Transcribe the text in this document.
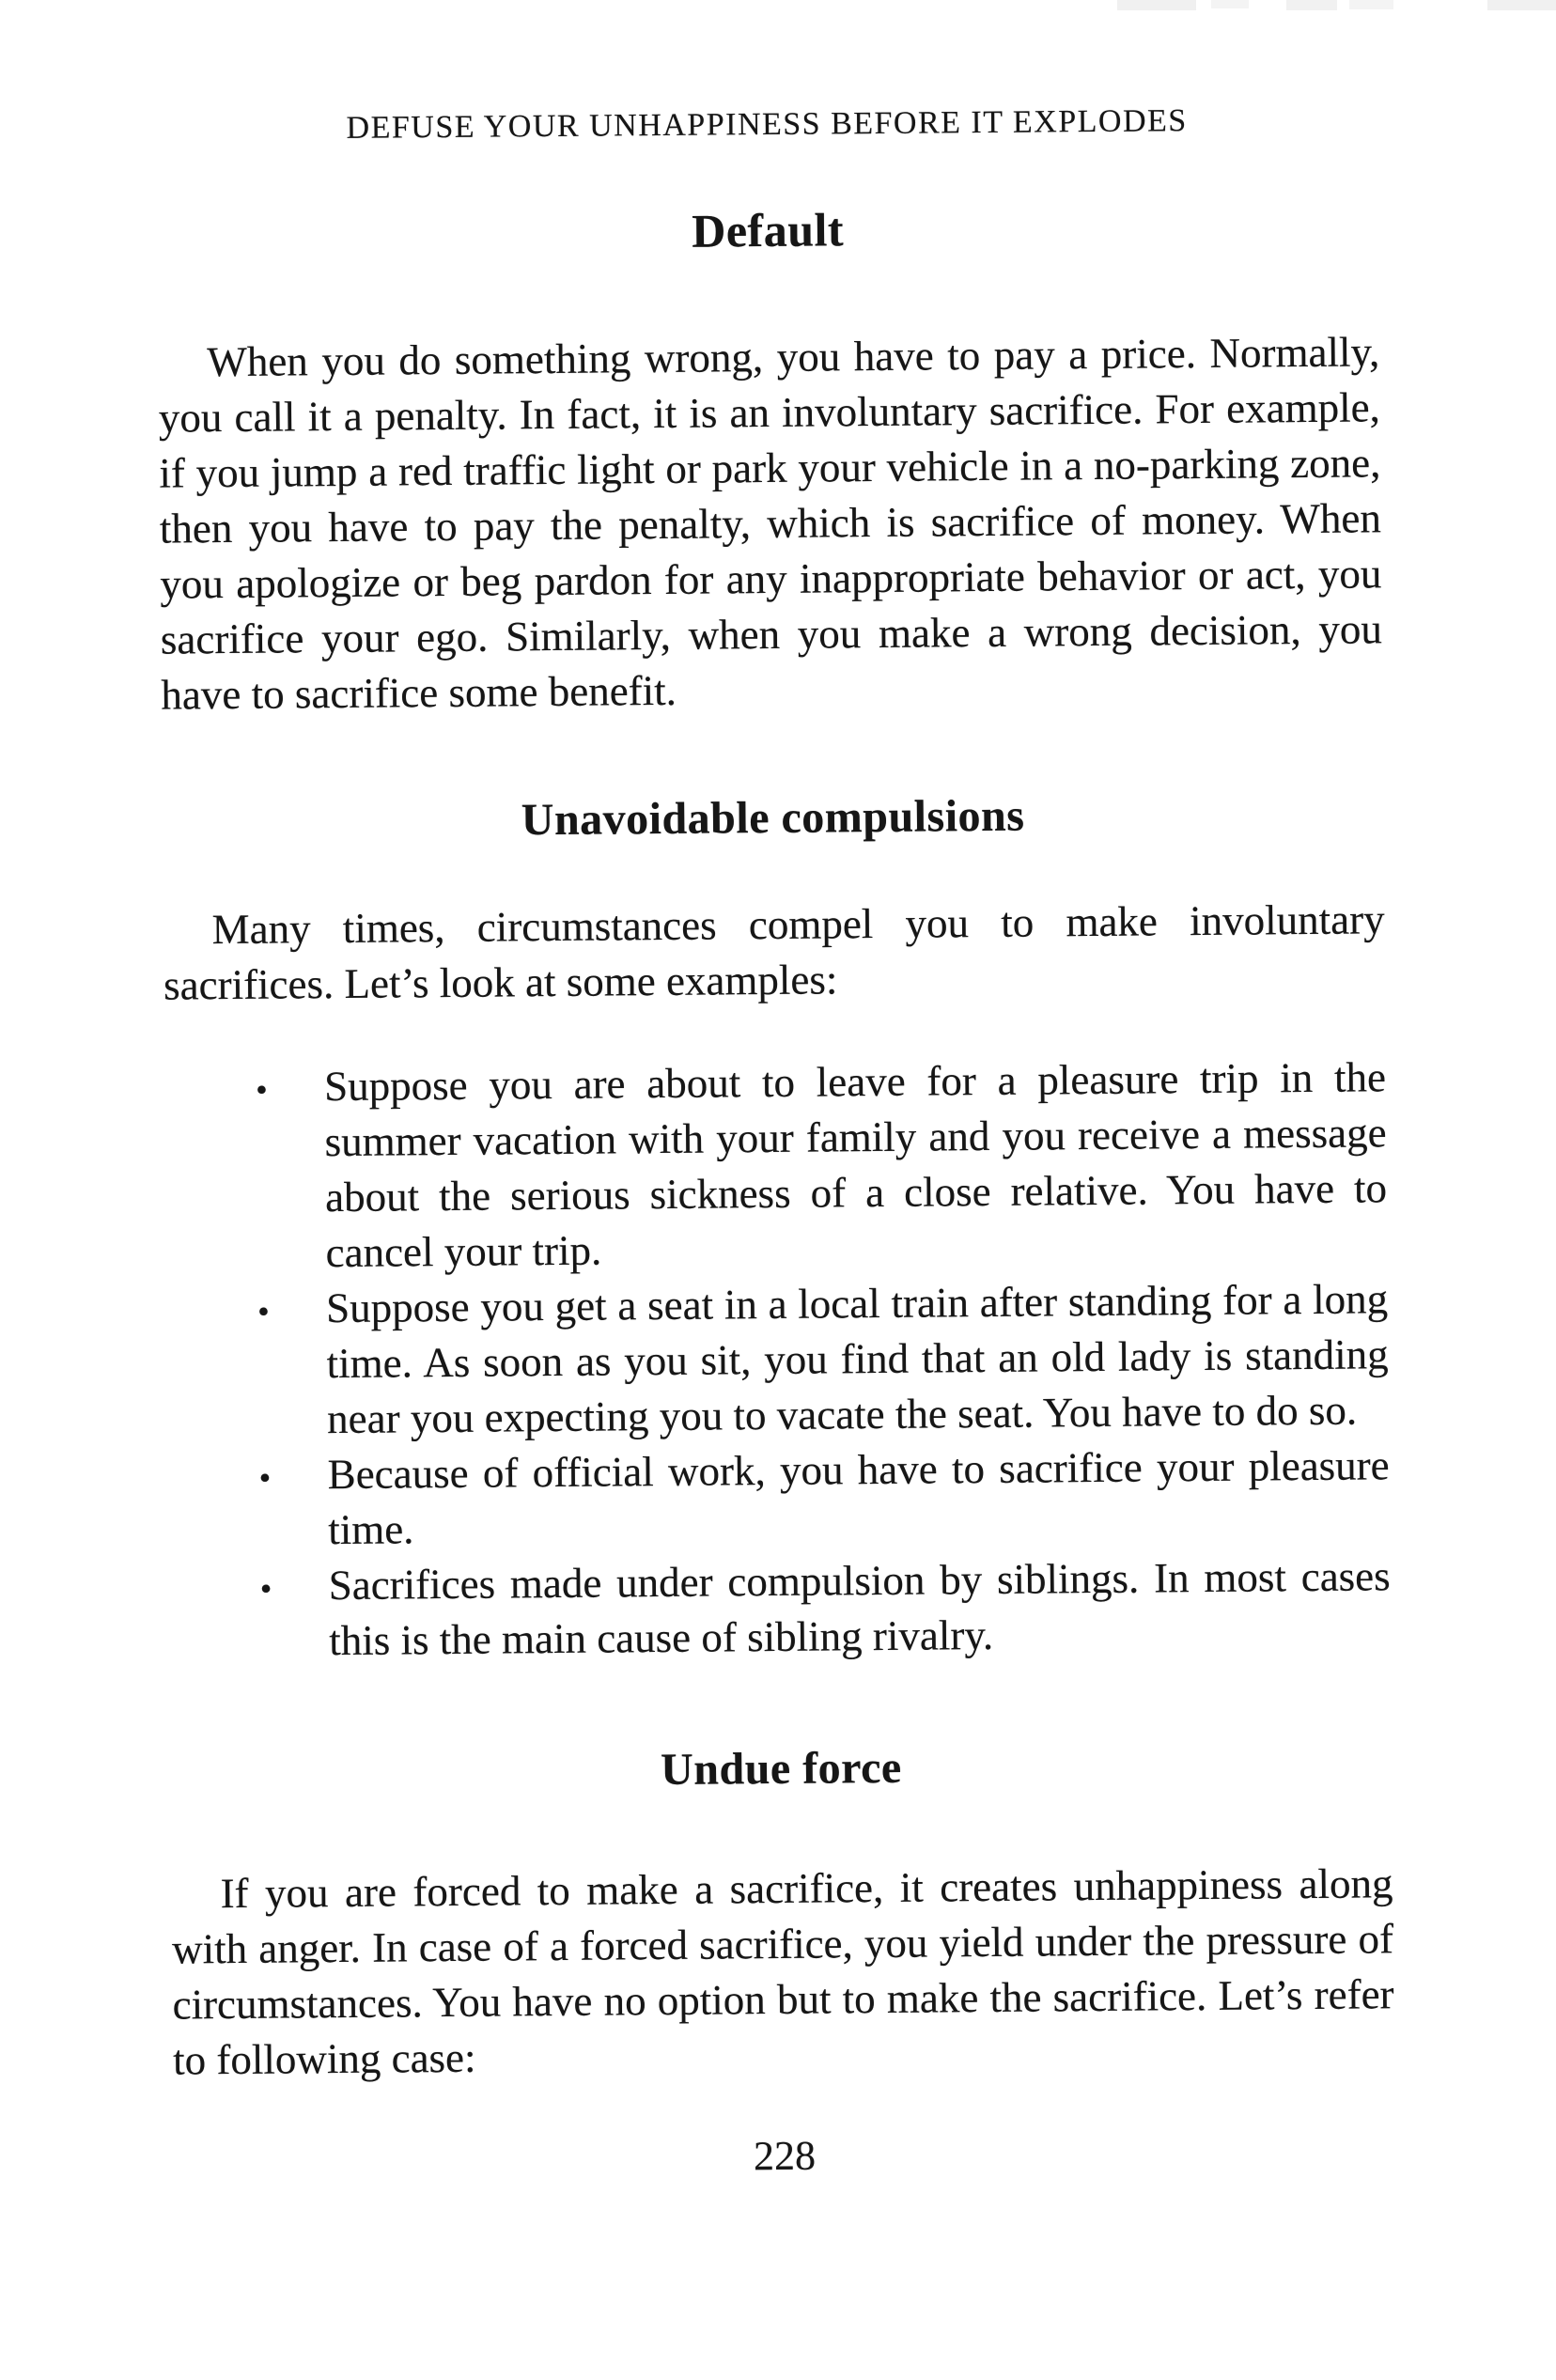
DEFUSE YOUR UNHAPPINESS BEFORE IT EXPLODES
Default

When you do something wrong, you have to pay a price. Normally, you call it a penalty. In fact, it is an involuntary sacrifice. For example, if you jump a red traffic light or park your vehicle in a no-parking zone, then you have to pay the penalty, which is sacrifice of money. When you apologize or beg pardon for any inappropriate behavior or act, you sacrifice your ego. Similarly, when you make a wrong decision, you have to sacrifice some benefit.

Unavoidable compulsions

Many times, circumstances compel you to make involuntary sacrifices. Let’s look at some examples:

• Suppose you are about to leave for a pleasure trip in the summer vacation with your family and you receive a message about the serious sickness of a close relative. You have to cancel your trip.
• Suppose you get a seat in a local train after standing for a long time. As soon as you sit, you find that an old lady is standing near you expecting you to vacate the seat. You have to do so.
• Because of official work, you have to sacrifice your pleasure time.
• Sacrifices made under compulsion by siblings. In most cases this is the main cause of sibling rivalry.
Undue force

If you are forced to make a sacrifice, it creates unhappiness along with anger. In case of a forced sacrifice, you yield under the pressure of circumstances. You have no option but to make the sacrifice. Let’s refer to following case:

228
